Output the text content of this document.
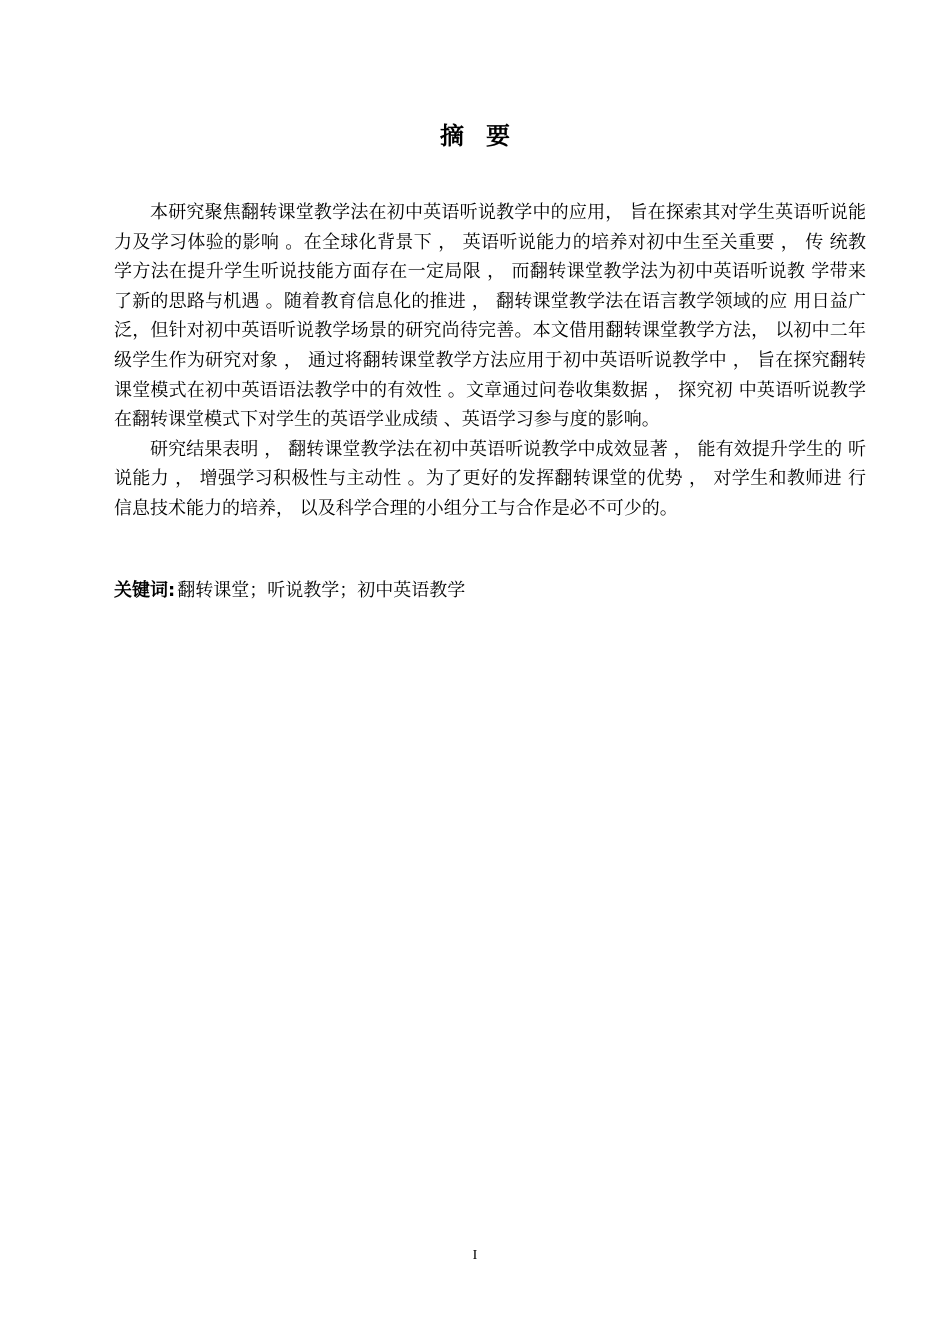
摘要

本研究聚焦翻转课堂教学法在初中英语听说教学中的应用， 旨在探索其对学生英语听说能力及学习体验的影响 。在全球化背景下 ， 英语听说能力的培养对初中生至关重要 ， 传 统教学方法在提升学生听说技能方面存在一定局限 ， 而翻转课堂教学法为初中英语听说教 学带来了新的思路与机遇 。随着教育信息化的推进 ， 翻转课堂教学法在语言教学领域的应 用日益广泛，但针对初中英语听说教学场景的研究尚待完善。本文借用翻转课堂教学方法， 以初中二年级学生作为研究对象 ， 通过将翻转课堂教学方法应用于初中英语听说教学中 ， 旨在探究翻转课堂模式在初中英语语法教学中的有效性 。文章通过问卷收集数据 ， 探究初 中英语听说教学在翻转课堂模式下对学生的英语学业成绩 、英语学习参与度的影响。

研究结果表明 ， 翻转课堂教学法在初中英语听说教学中成效显著 ， 能有效提升学生的 听说能力 ， 增强学习积极性与主动性 。为了更好的发挥翻转课堂的优势 ， 对学生和教师进 行信息技术能力的培养， 以及科学合理的小组分工与合作是必不可少的。

关键词: 翻转课堂；听说教学；初中英语教学
I
